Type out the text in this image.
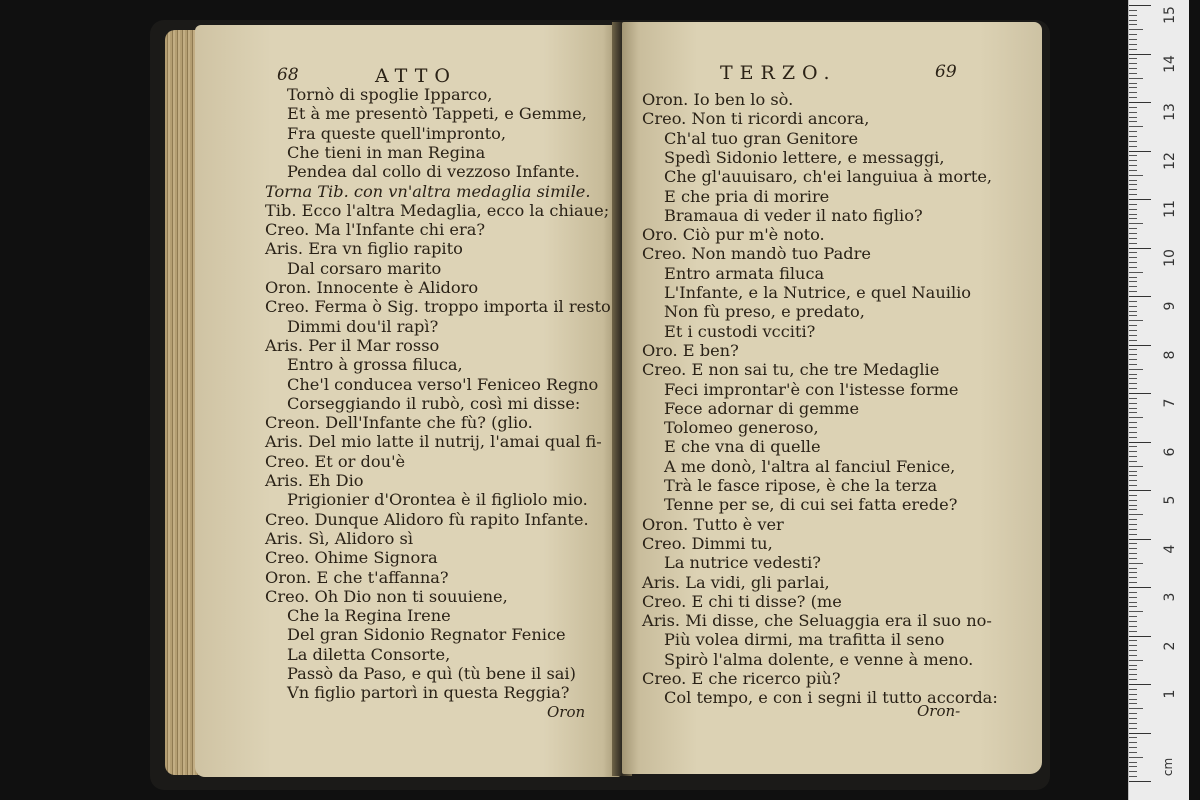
68	ATTO
Tornò di spoglie Ipparco,
Et à me presentò Tappeti, e Gemme,
Fra queste quell'impronto,
Che tieni in man Regina
Pendea dal collo di vezzoso Infante.
Torna Tib. con vn'altra medaglia simile.
Tib. Ecco l'altra Medaglia, ecco la chiaue;
Creo. Ma l'Infante chi era?
Aris. Era vn figlio rapito
Dal corsaro marito
Oron. Innocente è Alidoro
Creo. Ferma ò Sig. troppo importa il resto
Dimmi dou'il rapì?
Aris. Per il Mar rosso
Entro à grossa filuca,
Che'l conducea verso'l Feniceo Regno
Corseggiando il rubò, così mi disse:
Creon. Dell'Infante che fù? (glio.
Aris. Del mio latte il nutrij, l'amai qual fi-
Creo. Et or dou'è
Aris. Eh Dio
Prigionier d'Orontea è il figliolo mio.
Creo. Dunque Alidoro fù rapito Infante.
Aris. Sì, Alidoro sì
Creo. Ohime Signora
Oron. E che t'affanna?
Creo. Oh Dio non ti souuiene,
Che la Regina Irene
Del gran Sidonio Regnator Fenice
La diletta Consorte,
Passò da Paso, e quì (tù bene il sai)
Vn figlio partorì in questa Reggia?
Oron
TERZO.	69
Oron. Io ben lo sò.
Creo. Non ti ricordi ancora,
Ch'al tuo gran Genitore
Spedì Sidonio lettere, e messaggi,
Che gl'auuisaro, ch'ei languiua à morte,
E che pria di morire
Bramaua di veder il nato figlio?
Oro. Ciò pur m'è noto.
Creo. Non mandò tuo Padre
Entro armata filuca
L'Infante, e la Nutrice, e quel Nauilio
Non fù preso, e predato,
Et i custodi vcciti?
Oro. E ben?
Creo. E non sai tu, che tre Medaglie
Feci improntar'è con l'istesse forme
Fece adornar di gemme
Tolomeo generoso,
E che vna di quelle
A me donò, l'altra al fanciul Fenice,
Trà le fasce ripose, è che la terza
Tenne per se, di cui sei fatta erede?
Oron. Tutto è ver
Creo. Dimmi tu,
La nutrice vedesti?
Aris. La vidi, gli parlai,
Creo. E chi ti disse? (me
Aris. Mi disse, che Seluaggia era il suo no-
Più volea dirmi, ma trafitta il seno
Spirò l'alma dolente, e venne à meno.
Creo. E che ricerco più?
Col tempo, e con i segni il tutto accorda:
Oron-
cm
15
14
13
12
11
10
9
8
7
6
5
4
3
2
1
